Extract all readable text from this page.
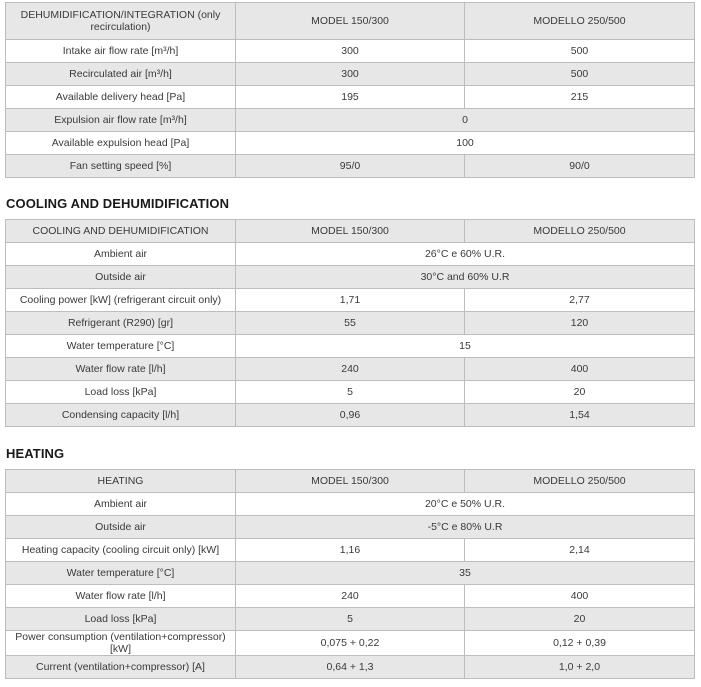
DEHUMIDIFICATION/INTEGRATION (only recirculation)	MODEL 150/300	MODELLO 250/500
Intake air flow rate [m³/h]	300	500
Recirculated air [m³/h]	300	500
Available delivery head [Pa]	195	215
Expulsion air flow rate [m³/h]	0	
Available expulsion head [Pa]	100	
Fan setting speed [%]	95/0	90/0
COOLING AND DEHUMIDIFICATION
COOLING AND DEHUMIDIFICATION	MODEL 150/300	MODELLO 250/500
Ambient air	26°C e 60% U.R.	
Outside air	30°C and 60% U.R	
Cooling power [kW] (refrigerant circuit only)	1,71	2,77
Refrigerant (R290) [gr]	55	120
Water temperature [°C]	15	
Water flow rate [l/h]	240	400
Load loss [kPa]	5	20
Condensing capacity [l/h]	0,96	1,54
HEATING
HEATING	MODEL 150/300	MODELLO 250/500
Ambient air	20°C e 50% U.R.	
Outside air	-5°C e 80% U.R	
Heating capacity (cooling circuit only) [kW]	1,16	2,14
Water temperature [°C]	35	
Water flow rate [l/h]	240	400
Load loss [kPa]	5	20
Power consumption (ventilation+compressor) [kW]	0,075 + 0,22	0,12 + 0,39
Current (ventilation+compressor) [A]	0,64 + 1,3	1,0 + 2,0
